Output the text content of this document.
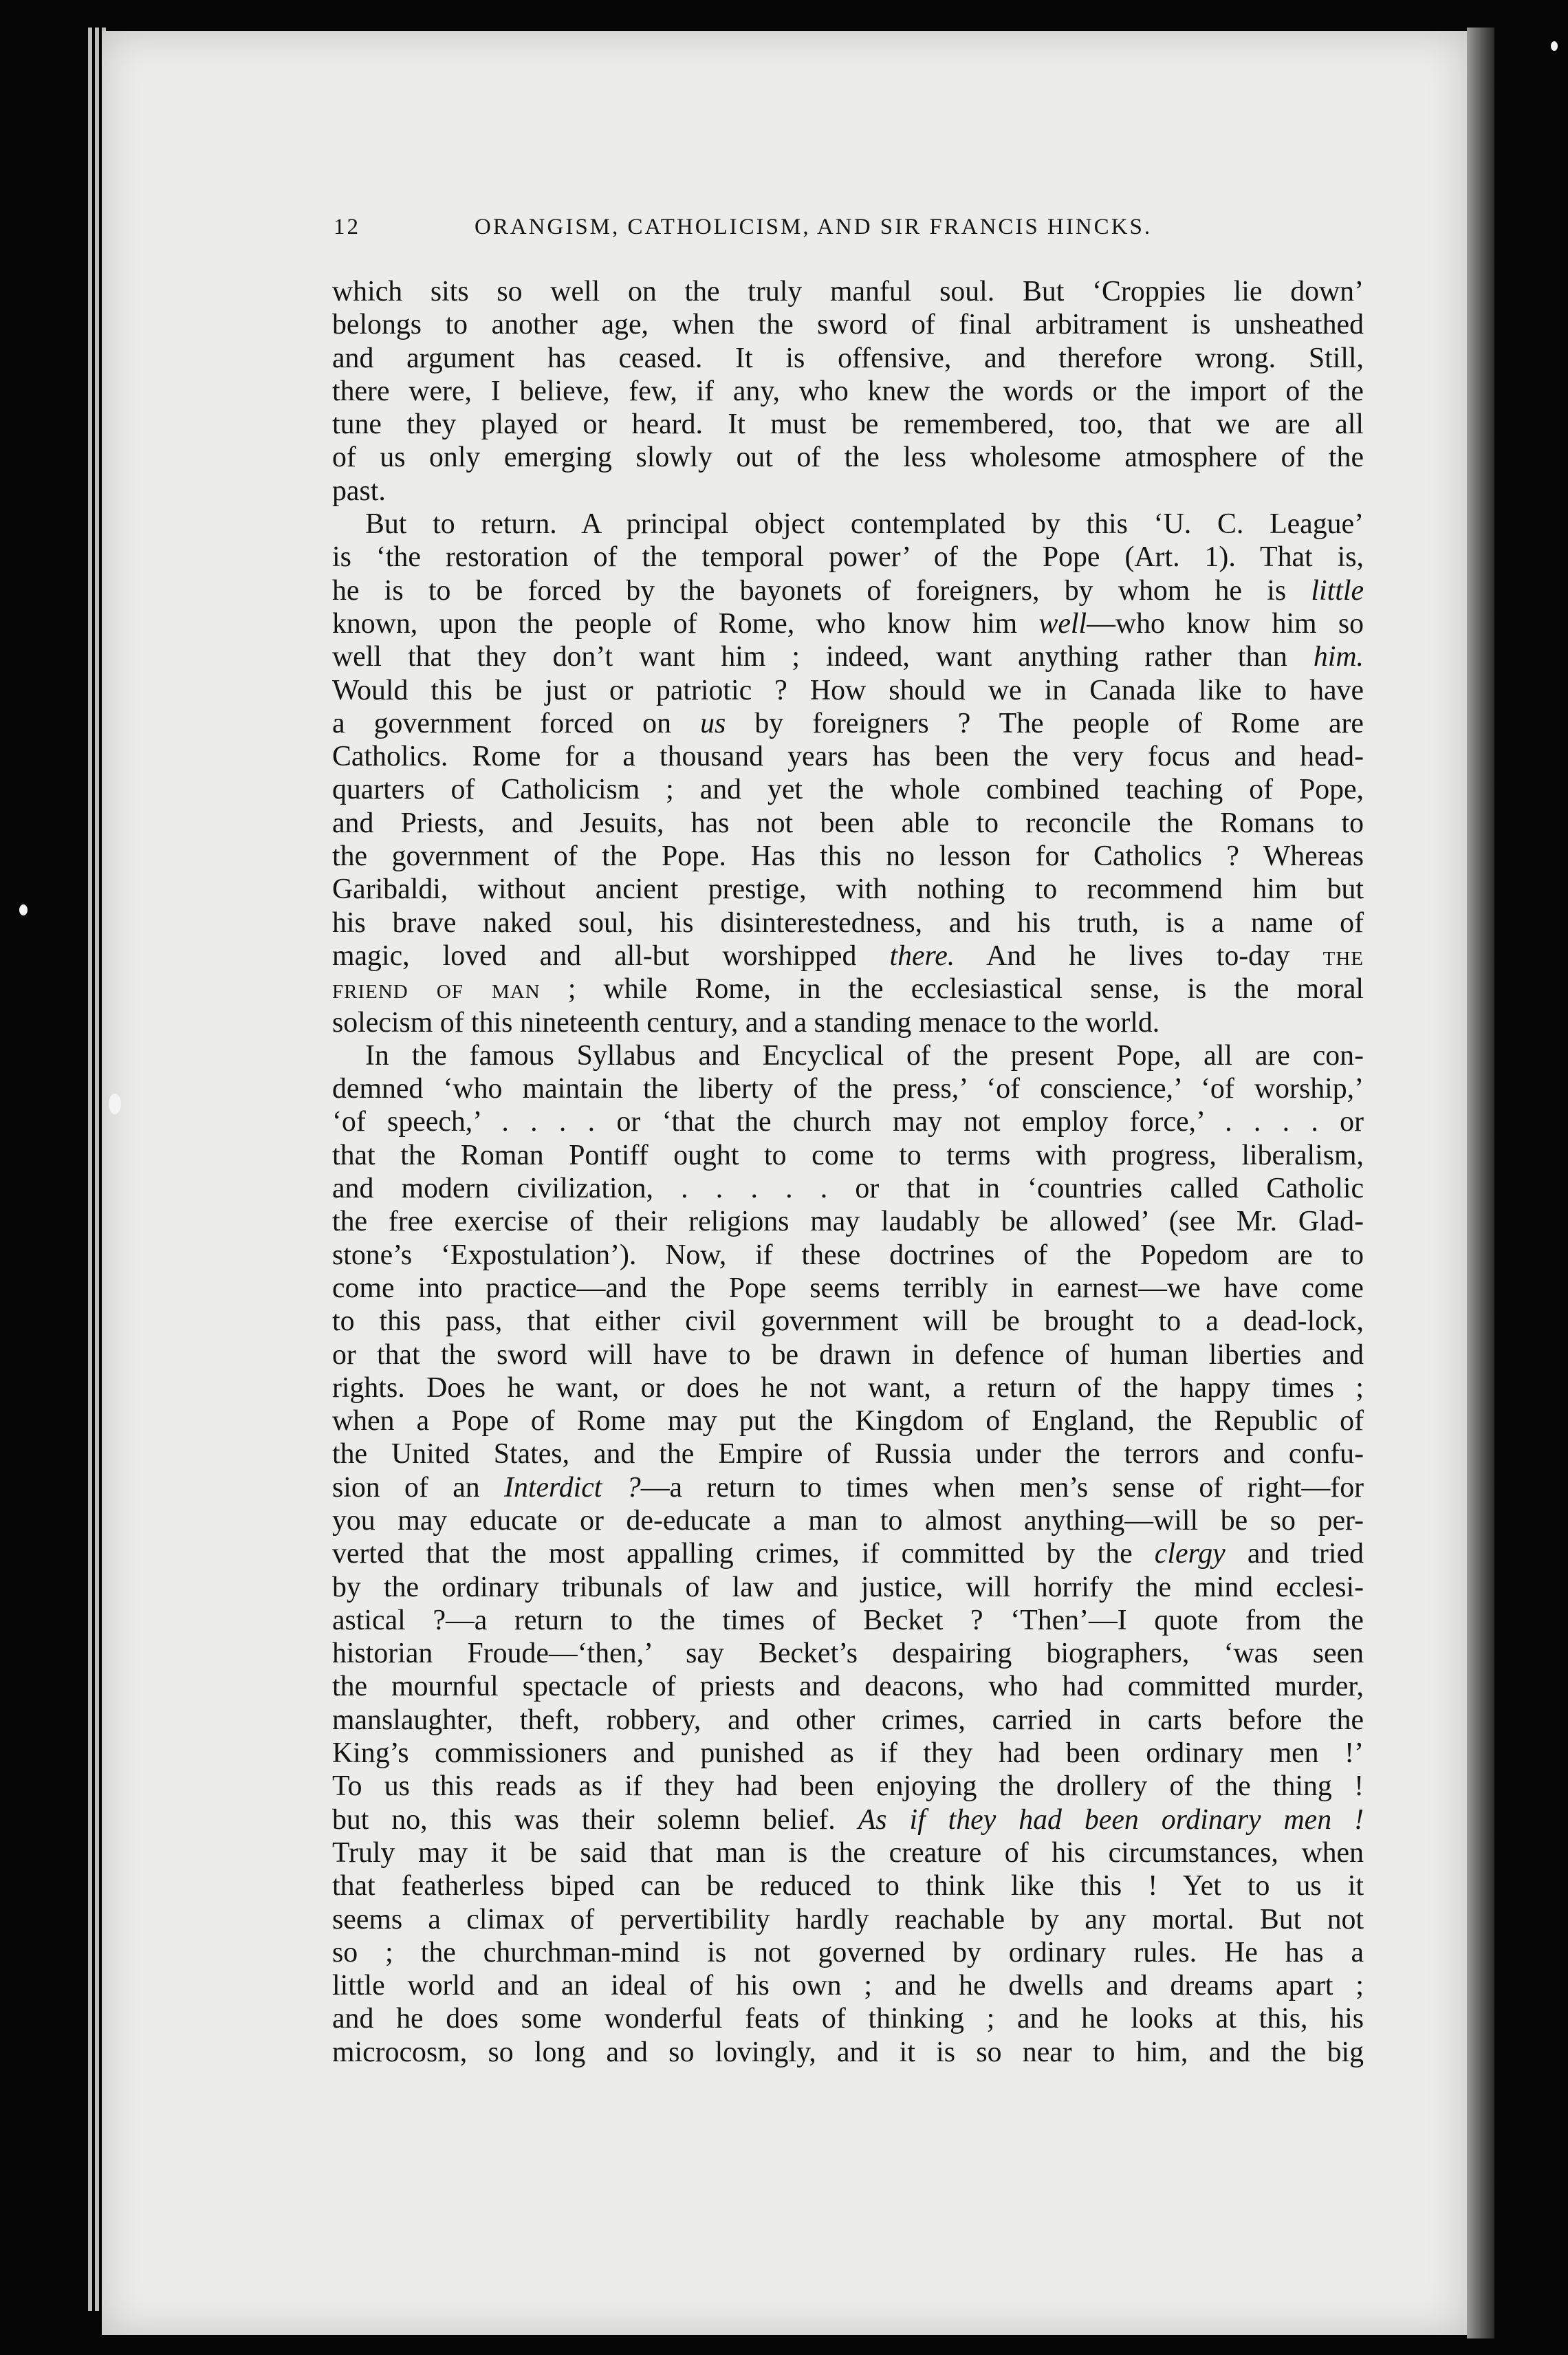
12	ORANGISM, CATHOLICISM, AND SIR FRANCIS HINCKS.

which sits so well on the truly manful soul. But ‘Croppies lie down’

belongs to another age, when the sword of final arbitrament is unsheathed

and argument has ceased. It is offensive, and therefore wrong. Still,

there were, I believe, few, if any, who knew the words or the import of the

tune they played or heard. It must be remembered, too, that we are all

of us only emerging slowly out of the less wholesome atmosphere of the

past.

But to return. A principal object contemplated by this ‘U. C. League’

is ‘the restoration of the temporal power’ of the Pope (Art. 1). That is,

he is to be forced by the bayonets of foreigners, by whom he is little

known, upon the people of Rome, who know him well—who know him so

well that they don’t want him ; indeed, want anything rather than him.

Would this be just or patriotic ? How should we in Canada like to have

a government forced on us by foreigners ? The people of Rome are

Catholics. Rome for a thousand years has been the very focus and head-

quarters of Catholicism ; and yet the whole combined teaching of Pope,

and Priests, and Jesuits, has not been able to reconcile the Romans to

the government of the Pope. Has this no lesson for Catholics ? Whereas

Garibaldi, without ancient prestige, with nothing to recommend him but

his brave naked soul, his disinterestedness, and his truth, is a name of

magic, loved and all-but worshipped there. And he lives to-day the

friend of man ; while Rome, in the ecclesiastical sense, is the moral

solecism of this nineteenth century, and a standing menace to the world.

In the famous Syllabus and Encyclical of the present Pope, all are con-

demned ‘who maintain the liberty of the press,’ ‘of conscience,’ ‘of worship,’

‘of speech,’ . . . . or ‘that the church may not employ force,’ . . . . or

that the Roman Pontiff ought to come to terms with progress, liberalism,

and modern civilization, . . . . . or that in ‘countries called Catholic

the free exercise of their religions may laudably be allowed’ (see Mr. Glad-

stone’s ‘Expostulation’). Now, if these doctrines of the Popedom are to

come into practice—and the Pope seems terribly in earnest—we have come

to this pass, that either civil government will be brought to a dead-lock,

or that the sword will have to be drawn in defence of human liberties and

rights. Does he want, or does he not want, a return of the happy times ;

when a Pope of Rome may put the Kingdom of England, the Republic of

the United States, and the Empire of Russia under the terrors and confu-

sion of an Interdict ?—a return to times when men’s sense of right—for

you may educate or de-educate a man to almost anything—will be so per-

verted that the most appalling crimes, if committed by the clergy and tried

by the ordinary tribunals of law and justice, will horrify the mind ecclesi-

astical ?—a return to the times of Becket ? ‘Then’—I quote from the

historian Froude—‘then,’ say Becket’s despairing biographers, ‘was seen

the mournful spectacle of priests and deacons, who had committed murder,

manslaughter, theft, robbery, and other crimes, carried in carts before the

King’s commissioners and punished as if they had been ordinary men !’

To us this reads as if they had been enjoying the drollery of the thing !

but no, this was their solemn belief. As if they had been ordinary men !

Truly may it be said that man is the creature of his circumstances, when

that featherless biped can be reduced to think like this ! Yet to us it

seems a climax of pervertibility hardly reachable by any mortal. But not

so ; the churchman-mind is not governed by ordinary rules. He has a

little world and an ideal of his own ; and he dwells and dreams apart ;

and he does some wonderful feats of thinking ; and he looks at this, his

microcosm, so long and so lovingly, and it is so near to him, and the big
